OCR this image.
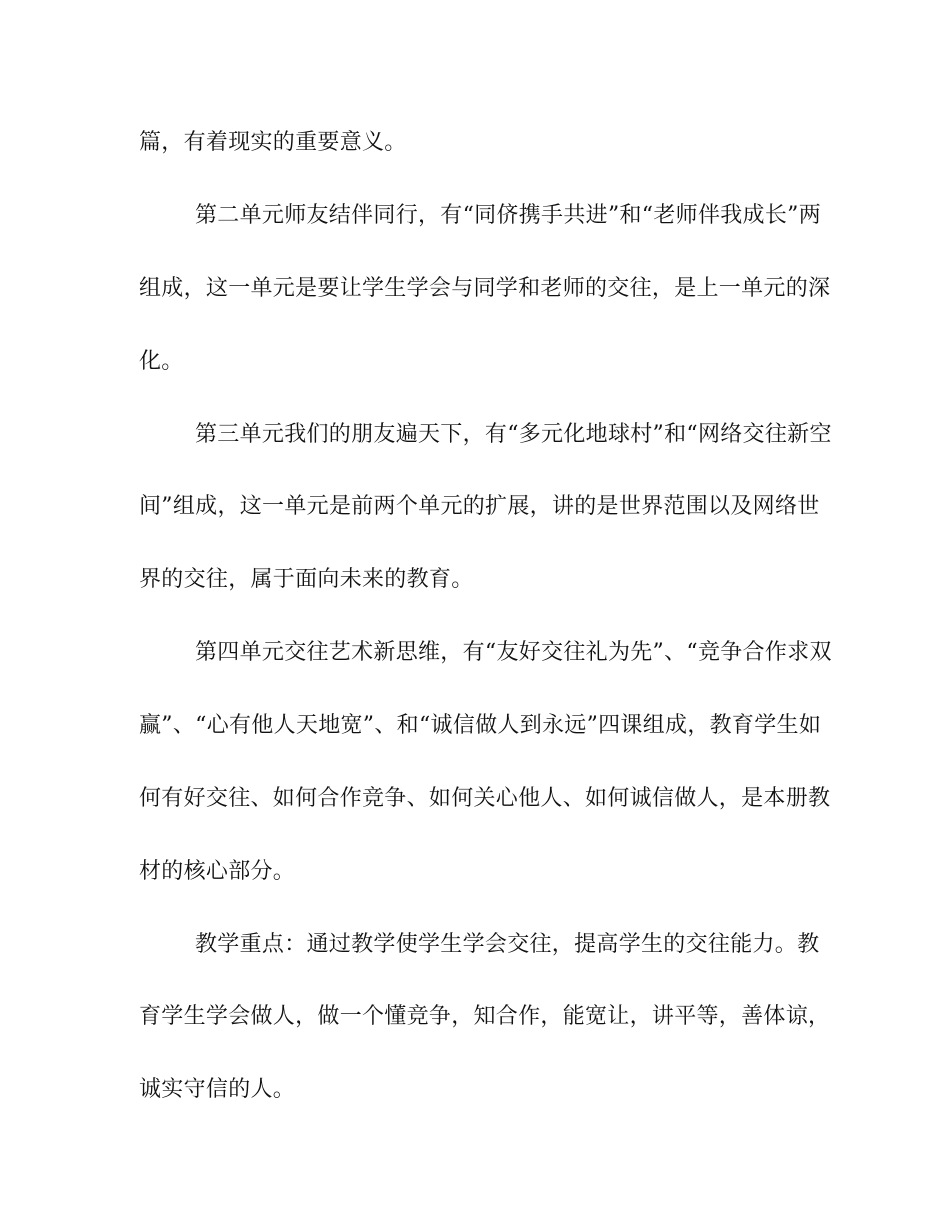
篇，有着现实的重要意义。
第二单元师友结伴同行，有“同侪携手共进”和“老师伴我成长”两
组成，这一单元是要让学生学会与同学和老师的交往，是上一单元的深
化。
第三单元我们的朋友遍天下，有“多元化地球村”和“网络交往新空
间”组成，这一单元是前两个单元的扩展，讲的是世界范围以及网络世
界的交往，属于面向未来的教育。
第四单元交往艺术新思维，有“友好交往礼为先”、“竞争合作求双
赢”、“心有他人天地宽”、和“诚信做人到永远”四课组成，教育学生如
何有好交往、如何合作竞争、如何关心他人、如何诚信做人，是本册教
材的核心部分。
教学重点：通过教学使学生学会交往，提高学生的交往能力。教
育学生学会做人，做一个懂竞争，知合作，能宽让，讲平等，善体谅，
诚实守信的人。
